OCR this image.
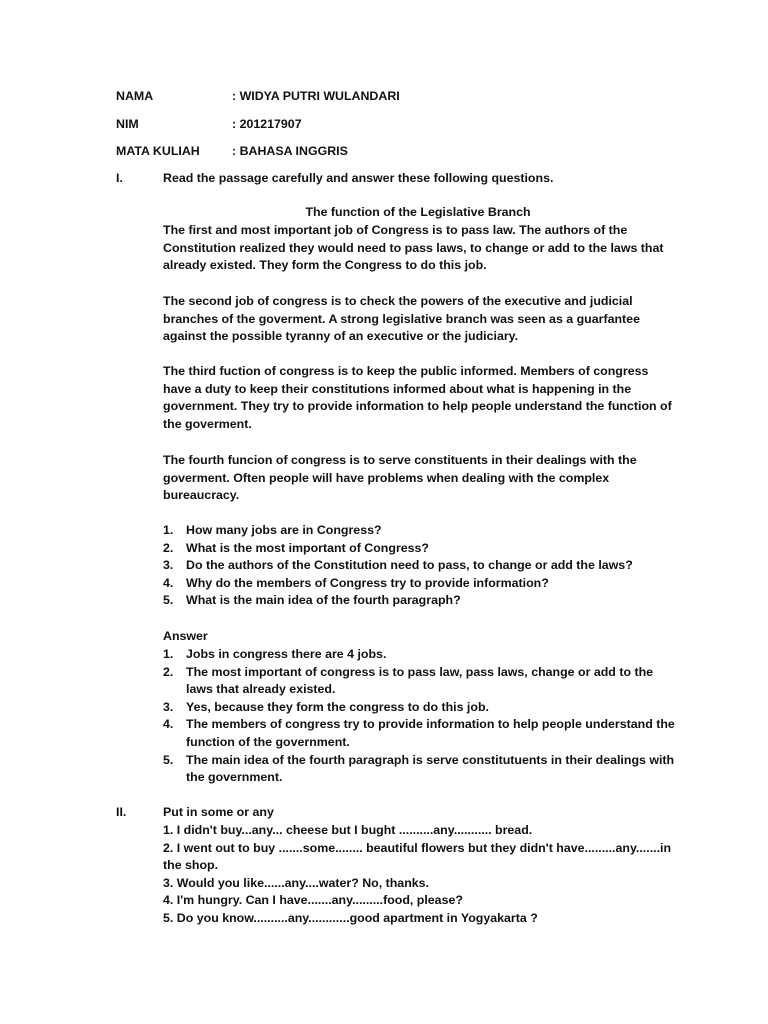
NAMA	: WIDYA PUTRI WULANDARI
NIM	: 201217907
MATA KULIAH	: BAHASA INGGRIS
I.	Read the passage carefully and answer these following questions.
The function of the Legislative Branch
The first and most important job of Congress is to pass law. The authors of the Constitution realized they would need to pass laws, to change or add to the laws that already existed. They form the Congress to do this job.
The second job of congress is to check the powers of the executive and judicial branches of the goverment. A strong legislative branch was seen as a guarfantee against the possible tyranny of an executive or the judiciary.
The third fuction of congress is to keep the public informed. Members of congress have a duty to keep their constitutions informed about what is happening in the government. They try to provide information to help people understand the function of the goverment.
The fourth funcion of congress is to serve constituents in their dealings with the goverment. Often people will have problems when dealing with the complex bureaucracy.
1. How many jobs are in Congress?
2. What is the most important of Congress?
3. Do the authors of the Constitution need to pass, to change or add the laws?
4. Why do the members of Congress try to provide information?
5. What is the main idea of the fourth paragraph?
Answer
1. Jobs in congress there are 4 jobs.
2. The most important of congress is to pass law, pass laws, change or add to the laws that already existed.
3. Yes, because they form the congress to do this job.
4. The members of congress try to provide information to help people understand the function of the government.
5. The main idea of the fourth paragraph is serve constitutuents in their dealings with the government.
II.	Put in some or any
1. I didn't buy...any... cheese but I bught ..........any........... bread.
2. I went out to buy .......some........ beautiful flowers but they didn't have.........any.......in the shop.
3. Would you like......any....water? No, thanks.
4. I'm hungry. Can I have.......any.........food, please?
5. Do you know..........any............good apartment in Yogyakarta ?
